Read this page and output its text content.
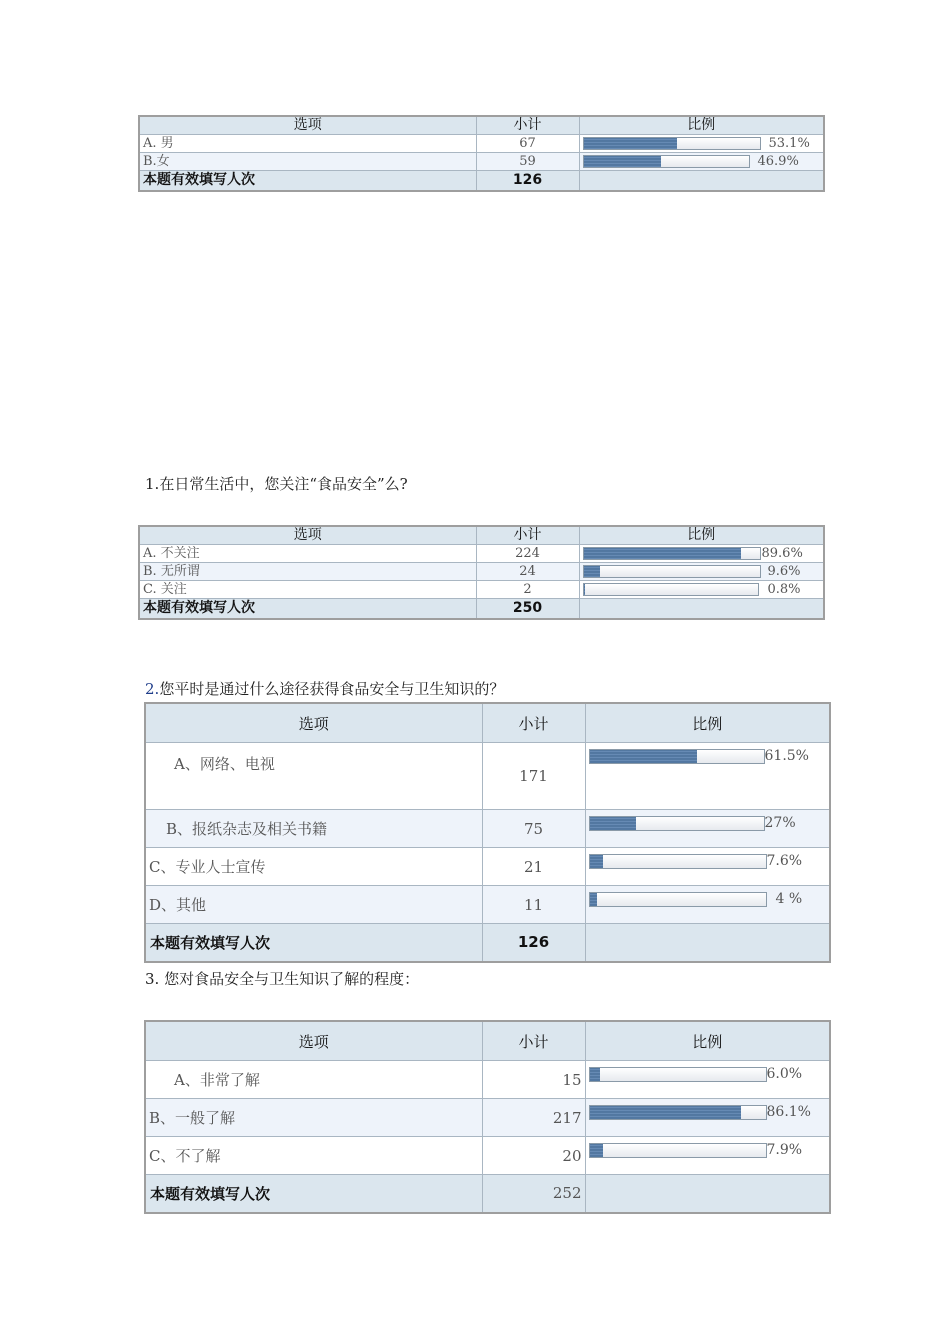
选项	小计	比例
A. 男	67	53.1%

B.女	59	46.9%

本题有效填写人次	126	
1.在日常生活中，您关注“食品安全”么?
选项	小计	比例
A. 不关注	224	89.6%

B. 无所谓	24	9.6%

C. 关注	2	0.8%

本题有效填写人次	250	
2.您平时是通过什么途径获得食品安全与卫生知识的？
选项	小计	比例
A、网络、电视	171	61.5%

B、报纸杂志及相关书籍	75	27%

C、专业人士宣传	21	7.6%

D、其他	11	4 %

本题有效填写人次	126	
3. 您对食品安全与卫生知识了解的程度：
选项	小计	比例
A、非常了解	15	6.0%

B、一般了解	217	86.1%

C、不了解	20	7.9%

本题有效填写人次	252	
